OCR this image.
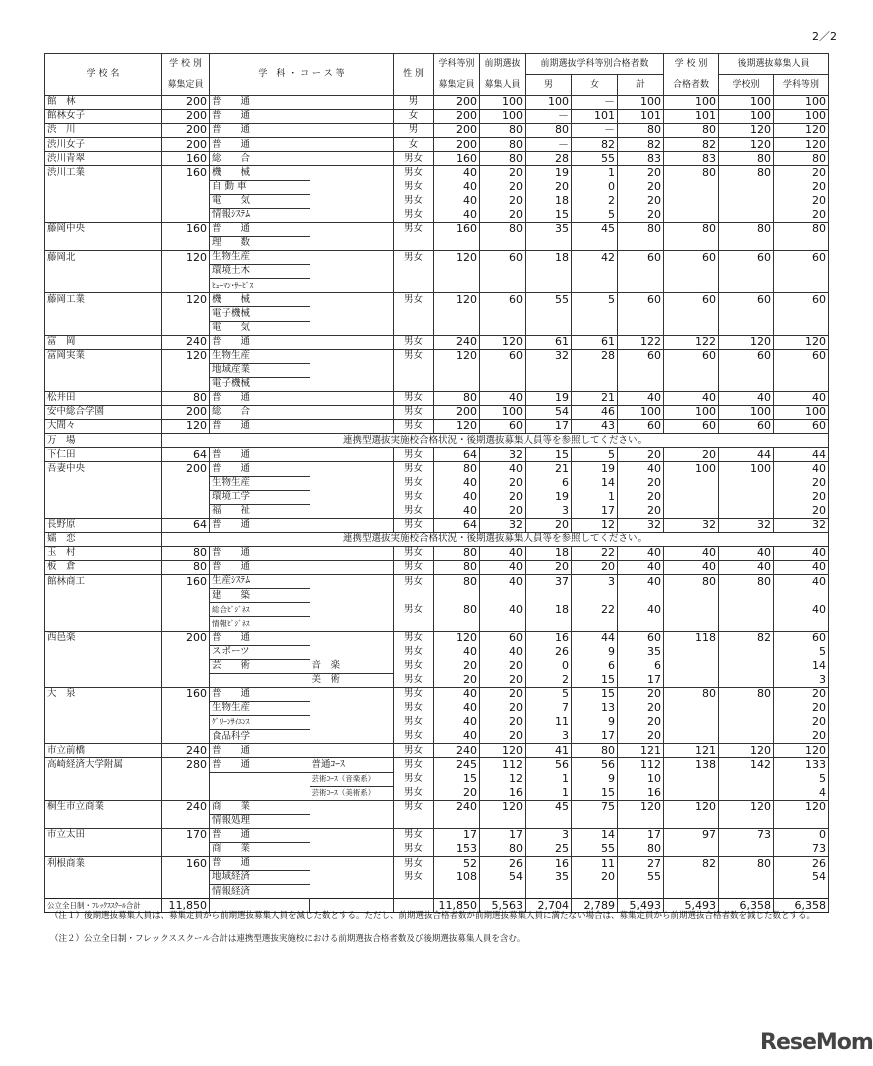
2／2
学 校 名	学 校 別	学　科 ・ コ ー ス 等		性 別	学科等別	前期選抜	前期選抜学科等別合格者数			学 校 別	後期選抜募集人員	
	募集定員				募集定員	募集人員	男	女	計	合格者数	学校別	学科等別
館　林	200	普　　通		男	200	100	100	－	100	100	100	100
館林女子	200	普　　通		女	200	100	－	101	101	101	100	100
渋　川	200	普　　通		男	200	80	80	－	80	80	120	120
渋川女子	200	普　　通		女	200	80	－	82	82	82	120	120
渋川青翠	160	総　　合		男女	160	80	28	55	83	83	80	80
渋川工業	160	機　　械		男女	40	20	19	1	20	80	80	20
		自 動 車		男女	40	20	20	0	20			20
		電　　気		男女	40	20	18	2	20			20
		情報ｼｽﾃﾑ		男女	40	20	15	5	20			20
藤岡中央	160	普　　通		男女	160	80	35	45	80	80	80	80
		理　　数										
藤岡北	120	生物生産		男女	120	60	18	42	60	60	60	60
		環境土木										
		ﾋｭｰﾏﾝ･ｻｰﾋﾞｽ										
藤岡工業	120	機　　械		男女	120	60	55	5	60	60	60	60
		電子機械										
		電　　気										
富　岡	240	普　　通		男女	240	120	61	61	122	122	120	120
富岡実業	120	生物生産		男女	120	60	32	28	60	60	60	60
		地域産業										
		電子機械										
松井田	80	普　　通		男女	80	40	19	21	40	40	40	40
安中総合学園	200	総　　合		男女	200	100	54	46	100	100	100	100
大間々	120	普　　通		男女	120	60	17	43	60	60	60	60
万　場	連携型選抜実施校合格状況・後期選抜募集人員等を参照してください。											
下仁田	64	普　　通		男女	64	32	15	5	20	20	44	44
吾妻中央	200	普　　通		男女	80	40	21	19	40	100	100	40
		生物生産		男女	40	20	6	14	20			20
		環境工学		男女	40	20	19	1	20			20
		福　　祉		男女	40	20	3	17	20			20
長野原	64	普　　通		男女	64	32	20	12	32	32	32	32
嬬　恋	連携型選抜実施校合格状況・後期選抜募集人員等を参照してください。											
玉　村	80	普　　通		男女	80	40	18	22	40	40	40	40
板　倉	80	普　　通		男女	80	40	20	20	40	40	40	40
館林商工	160	生産ｼｽﾃﾑ		男女	80	40	37	3	40	80	80	40
		建　　築										
		総合ﾋﾞｼﾞﾈｽ		男女	80	40	18	22	40			40
		情報ﾋﾞｼﾞﾈｽ										
西邑楽	200	普　　通		男女	120	60	16	44	60	118	82	60
		スポーツ		男女	40	40	26	9	35			5
		芸　　術	音　楽	男女	20	20	0	6	6			14
			美　術	男女	20	20	2	15	17			3
大　泉	160	普　　通		男女	40	20	5	15	20	80	80	20
		生物生産		男女	40	20	7	13	20			20
		ｸﾞﾘｰﾝｻｲｴﾝｽ		男女	40	20	11	9	20			20
		食品科学		男女	40	20	3	17	20			20
市立前橋	240	普　　通		男女	240	120	41	80	121	121	120	120
高崎経済大学附属	280	普　　通	普通ｺｰｽ	男女	245	112	56	56	112	138	142	133
			芸術ｺｰｽ（音楽系）	男女	15	12	1	9	10			5
			芸術ｺｰｽ（美術系）	男女	20	16	1	15	16			4
桐生市立商業	240	商　　業		男女	240	120	45	75	120	120	120	120
		情報処理										
市立太田	170	普　　通		男女	17	17	3	14	17	97	73	0
		商　　業		男女	153	80	25	55	80			73
利根商業	160	普　　通		男女	52	26	16	11	27	82	80	26
		地域経済		男女	108	54	35	20	55			54
		情報経済										
公立全日制・ﾌﾚｯｸｽｽｸｰﾙ合計	11,850				11,850	5,563	2,704	2,789	5,493	5,493	6,358	6,358
（注１）後期選抜募集人員は、募集定員から前期選抜募集人員を減じた数とする。ただし、前期選抜合格者数が前期選抜募集人員に満たない場合は、募集定員から前期選抜合格者数を減じた数とする。
（注２）公立全日制・フレックススクール合計は連携型選抜実施校における前期選抜合格者数及び後期選抜募集人員を含む。
ReseMom
